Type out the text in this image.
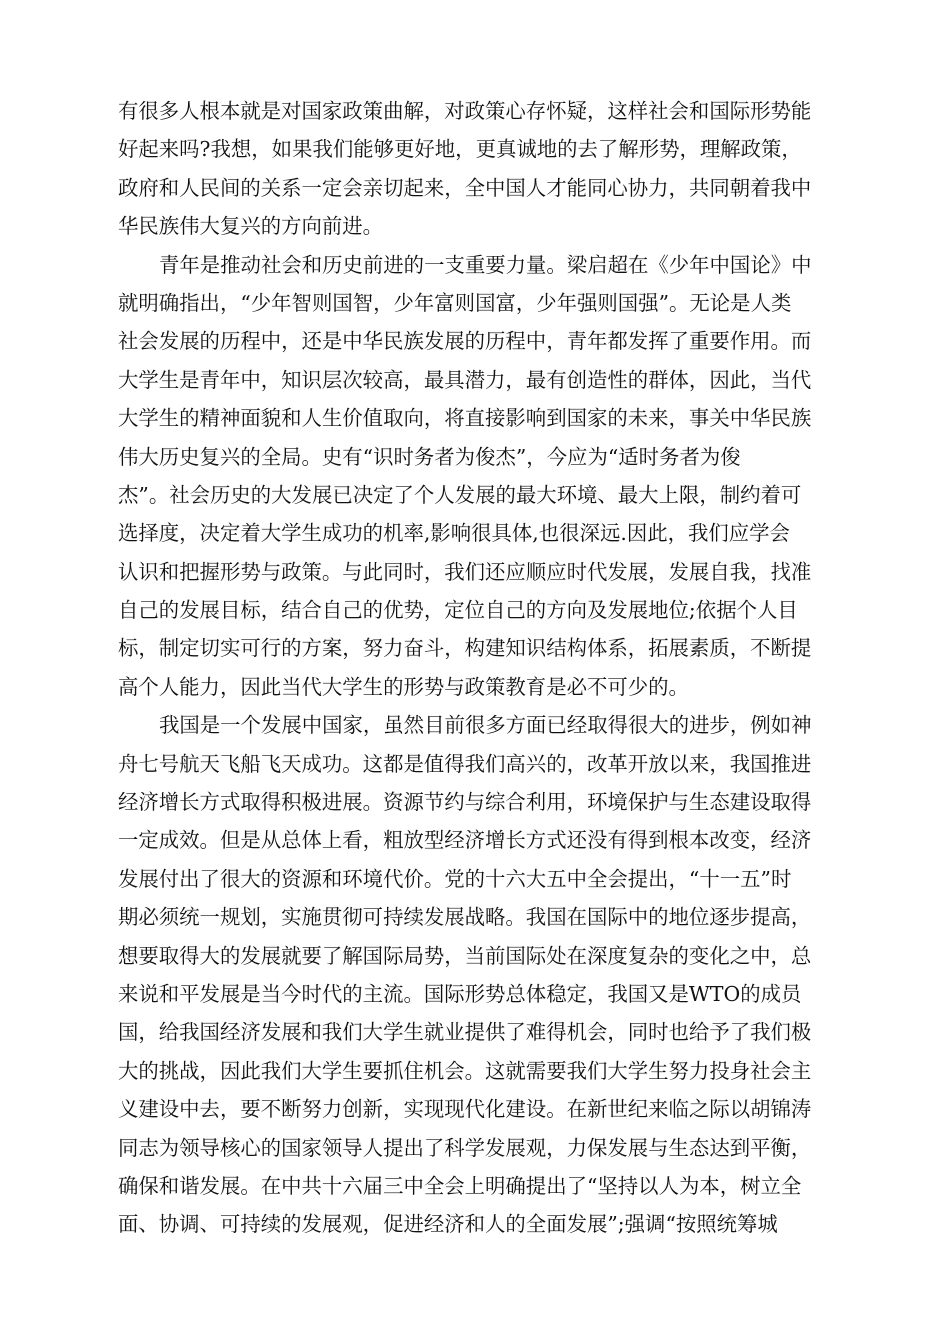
有很多人根本就是对国家政策曲解，对政策心存怀疑，这样社会和国际形势能
好起来吗?我想，如果我们能够更好地，更真诚地的去了解形势，理解政策，
政府和人民间的关系一定会亲切起来，全中国人才能同心协力，共同朝着我中
华民族伟大复兴的方向前进。
青年是推动社会和历史前进的一支重要力量。梁启超在《少年中国论》中
就明确指出，“少年智则国智，少年富则国富，少年强则国强”。无论是人类
社会发展的历程中，还是中华民族发展的历程中，青年都发挥了重要作用。而
大学生是青年中，知识层次较高，最具潜力，最有创造性的群体，因此，当代
大学生的精神面貌和人生价值取向，将直接影响到国家的未来，事关中华民族
伟大历史复兴的全局。史有“识时务者为俊杰”，今应为“适时务者为俊
杰”。社会历史的大发展已决定了个人发展的最大环境、最大上限，制约着可
选择度，决定着大学生成功的机率,影响很具体,也很深远.因此，我们应学会
认识和把握形势与政策。与此同时，我们还应顺应时代发展，发展自我，找准
自己的发展目标，结合自己的优势，定位自己的方向及发展地位;依据个人目
标，制定切实可行的方案，努力奋斗，构建知识结构体系，拓展素质，不断提
高个人能力，因此当代大学生的形势与政策教育是必不可少的。
我国是一个发展中国家，虽然目前很多方面已经取得很大的进步，例如神
舟七号航天飞船飞天成功。这都是值得我们高兴的，改革开放以来，我国推进
经济增长方式取得积极进展。资源节约与综合利用，环境保护与生态建设取得
一定成效。但是从总体上看，粗放型经济增长方式还没有得到根本改变，经济
发展付出了很大的资源和环境代价。党的十六大五中全会提出，“十一五”时
期必须统一规划，实施贯彻可持续发展战略。我国在国际中的地位逐步提高，
想要取得大的发展就要了解国际局势，当前国际处在深度复杂的变化之中，总
来说和平发展是当今时代的主流。国际形势总体稳定，我国又是WTO的成员
国，给我国经济发展和我们大学生就业提供了难得机会，同时也给予了我们极
大的挑战，因此我们大学生要抓住机会。这就需要我们大学生努力投身社会主
义建设中去，要不断努力创新，实现现代化建设。在新世纪来临之际以胡锦涛
同志为领导核心的国家领导人提出了科学发展观，力保发展与生态达到平衡，
确保和谐发展。在中共十六届三中全会上明确提出了“坚持以人为本，树立全
面、协调、可持续的发展观，促进经济和人的全面发展”;强调“按照统筹城
